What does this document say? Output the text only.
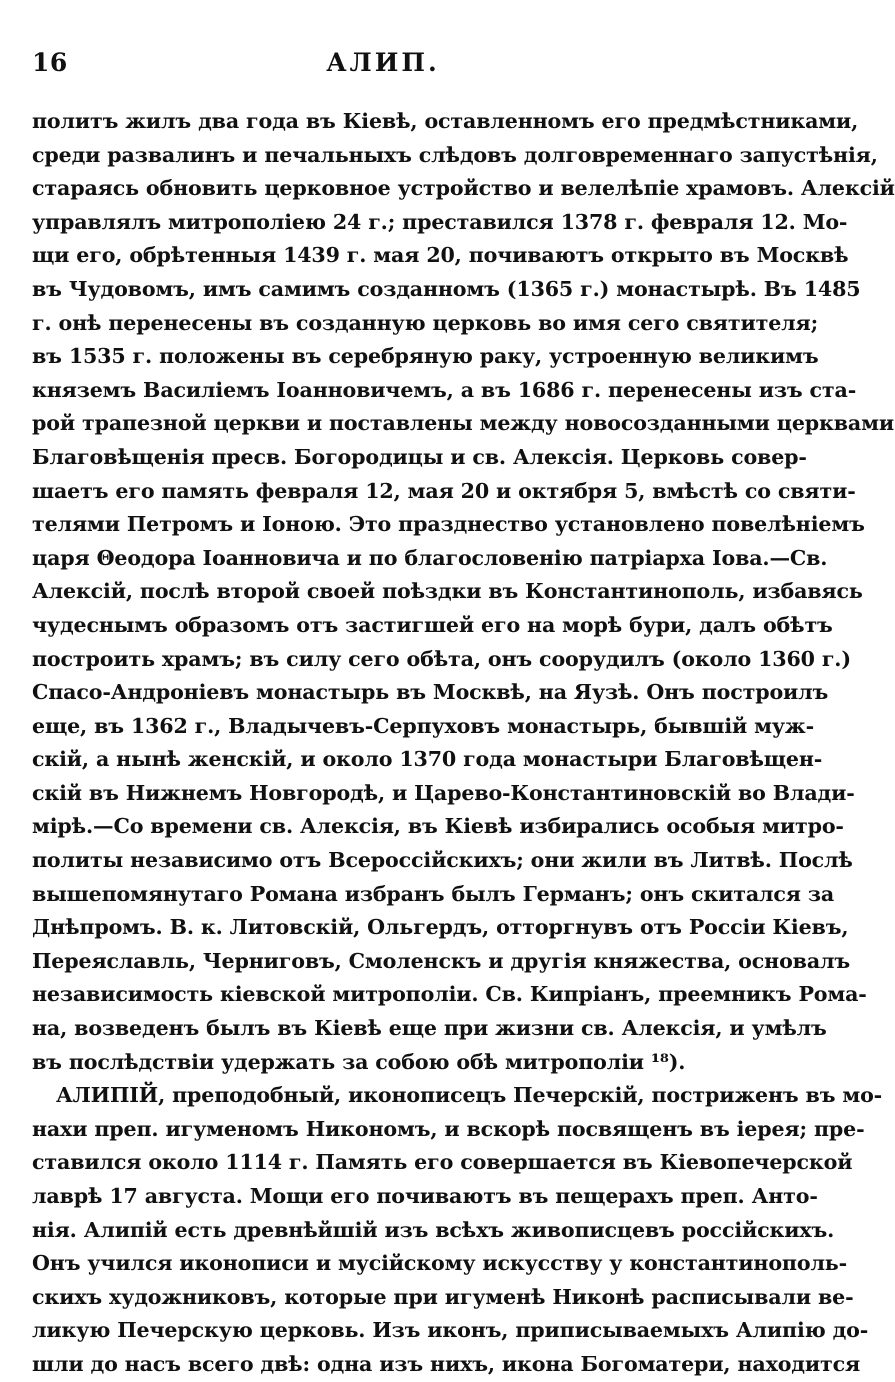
16	АЛИП.
политъ жилъ два года въ Кіевѣ, оставленномъ его предмѣстниками,
среди развалинъ и печальныхъ слѣдовъ долговременнаго запустѣнія,
стараясь обновить церковное устройство и велелѣпіе храмовъ. Алексій
управлялъ митрополіею 24 г.; преставился 1378 г. февраля 12. Мо-
щи его, обрѣтенныя 1439 г. мая 20, почиваютъ открыто въ Москвѣ
въ Чудовомъ, имъ самимъ созданномъ (1365 г.) монастырѣ. Въ 1485
г. онѣ перенесены въ созданную церковь во имя сего святителя;
въ 1535 г. положены въ серебряную раку, устроенную великимъ
княземъ Василіемъ Іоанновичемъ, а въ 1686 г. перенесены изъ ста-
рой трапезной церкви и поставлены между новосозданными церквами
Благовѣщенія пресв. Богородицы и св. Алексія. Церковь совер-
шаетъ его память февраля 12, мая 20 и октября 5, вмѣстѣ со святи-
телями Петромъ и Іоною. Это празднество установлено повелѣніемъ
царя Θеодора Іоанновича и по благословенію патріарха Іова.—Св.
Алексій, послѣ второй своей поѣздки въ Константинополь, избавясь
чудеснымъ образомъ отъ застигшей его на морѣ бури, далъ обѣтъ
построить храмъ; въ силу сего обѣта, онъ соорудилъ (около 1360 г.)
Спасо-Андроніевъ монастырь въ Москвѣ, на Яузѣ. Онъ построилъ
еще, въ 1362 г., Владычевъ-Серпуховъ монастырь, бывшій муж-
скій, а нынѣ женскій, и около 1370 года монастыри Благовѣщен-
скій въ Нижнемъ Новгородѣ, и Царево-Константиновскій во Влади-
мірѣ.—Со времени св. Алексія, въ Кіевѣ избирались особыя митро-
политы независимо отъ Всероссійскихъ; они жили въ Литвѣ. Послѣ
вышепомянутаго Романа избранъ былъ Германъ; онъ скитался за
Днѣпромъ. В. к. Литовскій, Ольгердъ, отторгнувъ отъ Россіи Кіевъ,
Переяславль, Черниговъ, Смоленскъ и другія княжества, основалъ
независимость кіевской митрополіи. Св. Кипріанъ, преемникъ Рома-
на, возведенъ былъ въ Кіевѣ еще при жизни св. Алексія, и умѣлъ
въ послѣдствіи удержать за собою обѣ митрополіи ¹⁸).
АЛИПІЙ, преподобный, иконописецъ Печерскій, постриженъ въ мо-
нахи преп. игуменомъ Никономъ, и вскорѣ посвященъ въ іерея; пре-
ставился около 1114 г. Память его совершается въ Кіевопечерской
лаврѣ 17 августа. Мощи его почиваютъ въ пещерахъ преп. Анто-
нія. Алипій есть древнѣйшій изъ всѣхъ живописцевъ россійскихъ.
Онъ учился иконописи и мусійскому искусству у константинополь-
скихъ художниковъ, которые при игуменѣ Никонѣ расписывали ве-
ликую Печерскую церковь. Изъ иконъ, приписываемыхъ Алипію до-
шли до насъ всего двѣ: одна изъ нихъ, икона Богоматери, находится
